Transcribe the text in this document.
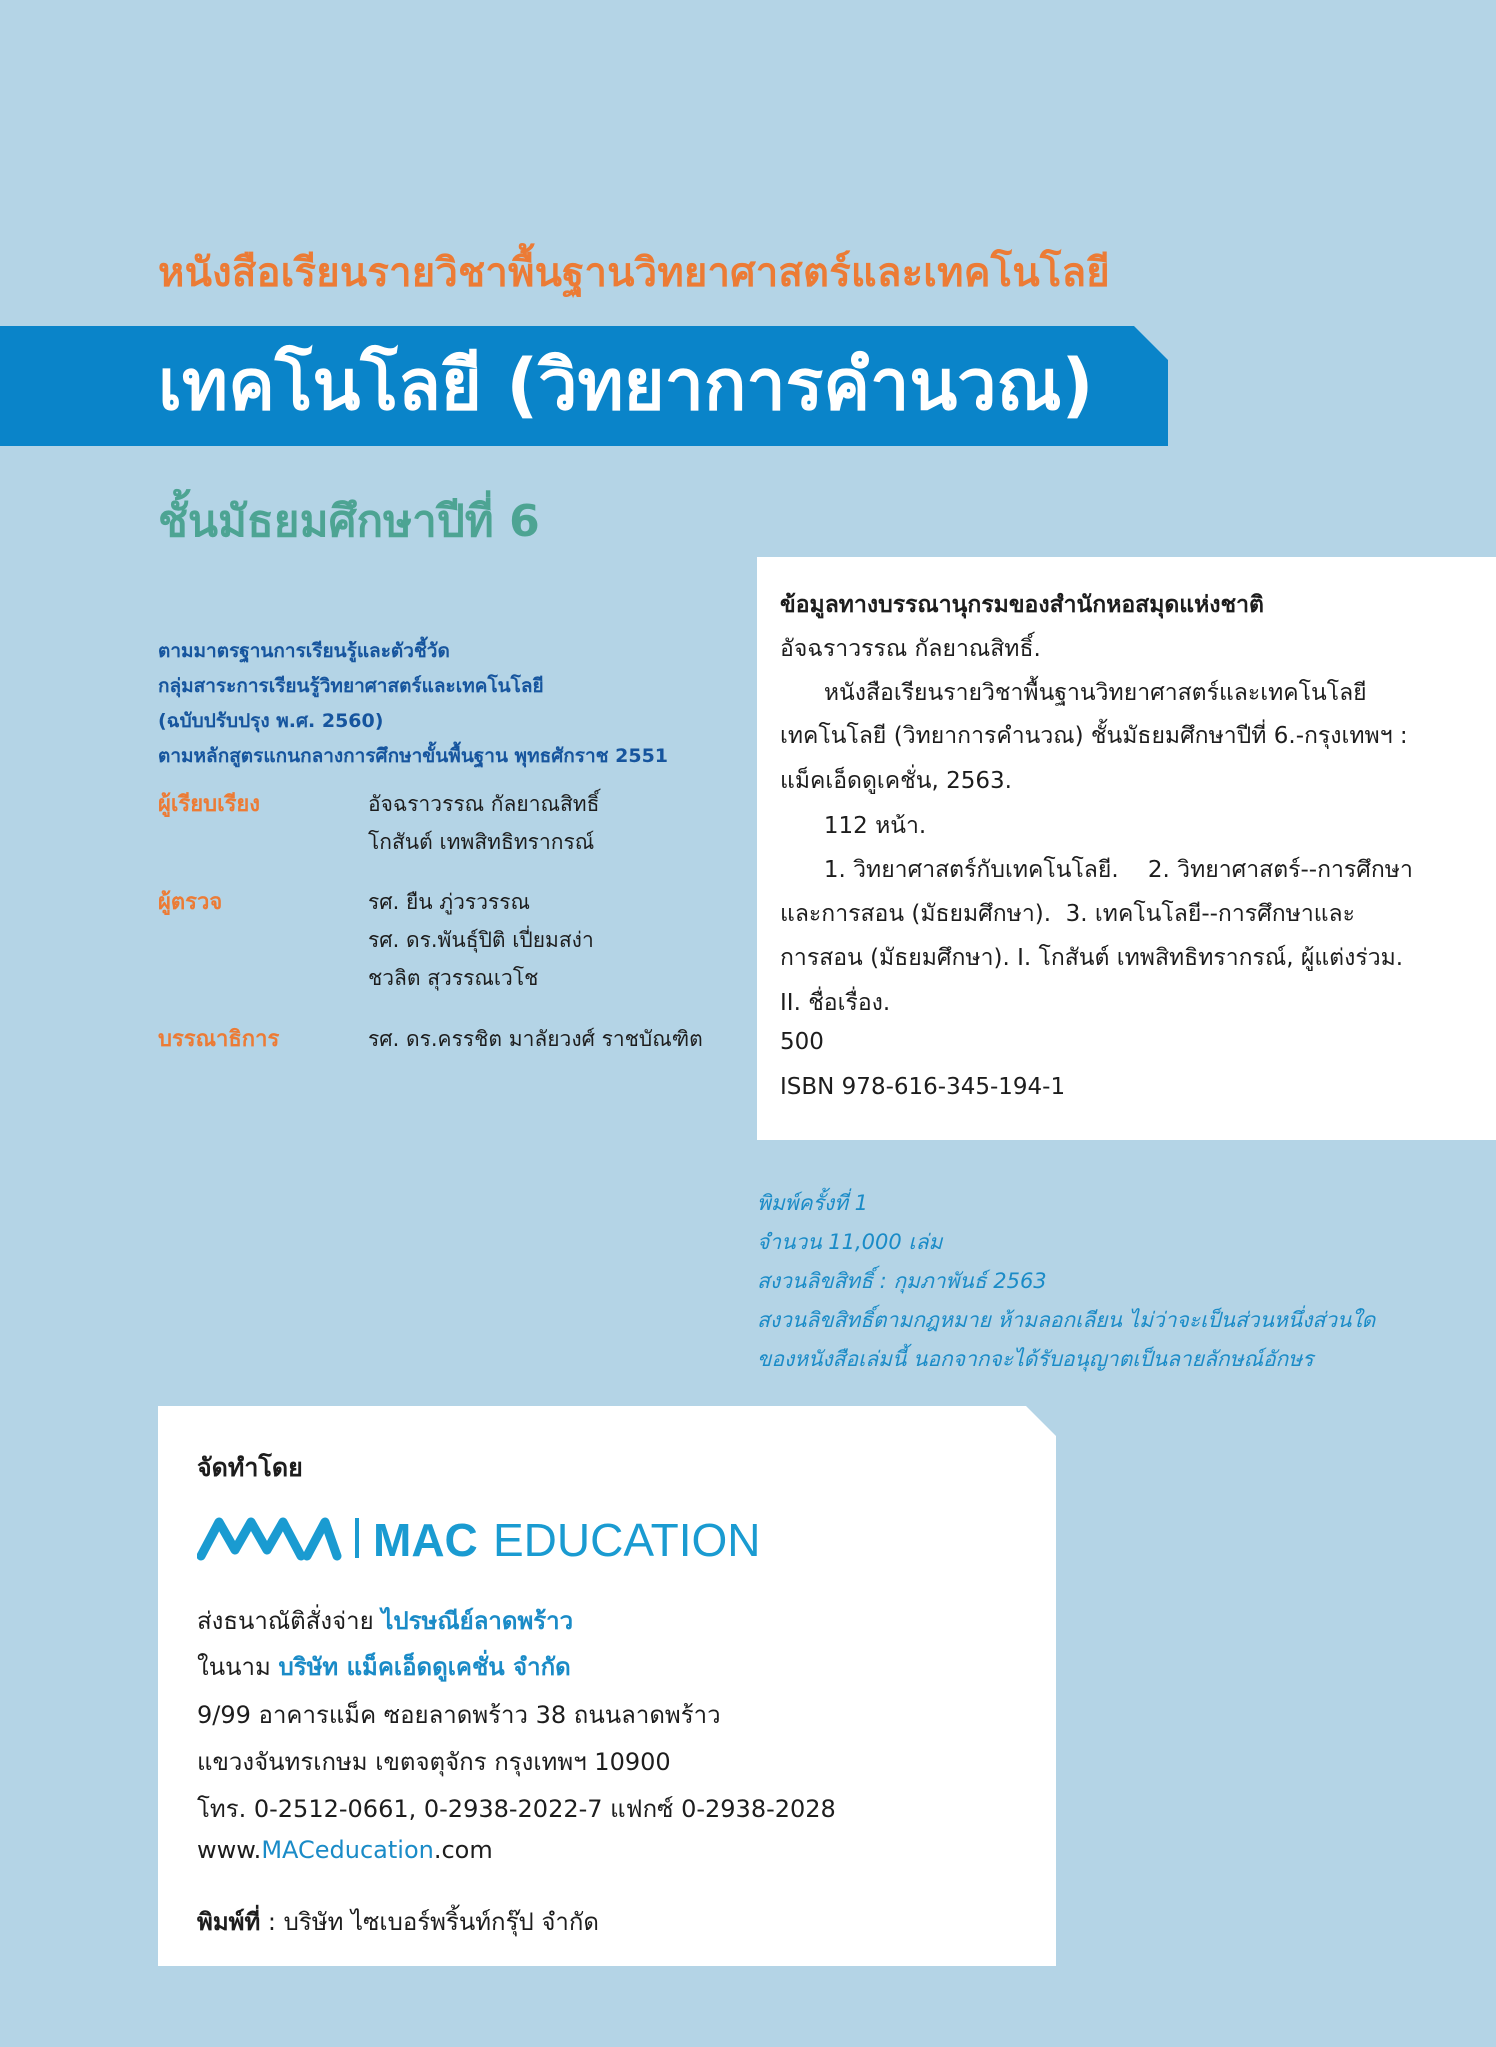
หนังสือเรียนรายวิชาพื้นฐานวิทยาศาสตร์และเทคโนโลยี
เทคโนโลยี (วิทยาการคำนวณ)
ชั้นมัธยมศึกษาปีที่ 6
ตามมาตรฐานการเรียนรู้และตัวชี้วัด
กลุ่มสาระการเรียนรู้วิทยาศาสตร์และเทคโนโลยี
(ฉบับปรับปรุง พ.ศ. 2560)
ตามหลักสูตรแกนกลางการศึกษาขั้นพื้นฐาน พุทธศักราช 2551
ผู้เรียบเรียง	อัจฉราวรรณ กัลยาณสิทธิ์
โกสันต์ เทพสิทธิทรากรณ์
ผู้ตรวจ	รศ. ยืน ภู่วรวรรณ
รศ. ดร.พันธุ์ปิติ เปี่ยมสง่า
ชวลิต สุวรรณเวโช
บรรณาธิการ	รศ. ดร.ครรชิต มาลัยวงศ์ ราชบัณฑิต
ข้อมูลทางบรรณานุกรมของสำนักหอสมุดแห่งชาติ
อัจฉราวรรณ กัลยาณสิทธิ์.
หนังสือเรียนรายวิชาพื้นฐานวิทยาศาสตร์และเทคโนโลยี
เทคโนโลยี (วิทยาการคำนวณ) ชั้นมัธยมศึกษาปีที่ 6.-กรุงเทพฯ :
แม็คเอ็ดดูเคชั่น, 2563.
112 หน้า.
1. วิทยาศาสตร์กับเทคโนโลยี.    2. วิทยาศาสตร์--การศึกษา
และการสอน (มัธยมศึกษา).  3. เทคโนโลยี--การศึกษาและ
การสอน (มัธยมศึกษา). I. โกสันต์ เทพสิทธิทรากรณ์, ผู้แต่งร่วม.
II. ชื่อเรื่อง.
500
ISBN 978-616-345-194-1
พิมพ์ครั้งที่ 1
จำนวน 11,000 เล่ม
สงวนลิขสิทธิ์ : กุมภาพันธ์ 2563
สงวนลิขสิทธิ์ตามกฎหมาย ห้ามลอกเลียน ไม่ว่าจะเป็นส่วนหนึ่งส่วนใด
ของหนังสือเล่มนี้ นอกจากจะได้รับอนุญาตเป็นลายลักษณ์อักษร
จัดทำโดย
MAC EDUCATION
ส่งธนาณัติสั่งจ่าย ไปรษณีย์ลาดพร้าว
ในนาม บริษัท แม็คเอ็ดดูเคชั่น จำกัด
9/99 อาคารแม็ค ซอยลาดพร้าว 38 ถนนลาดพร้าว
แขวงจันทรเกษม เขตจตุจักร กรุงเทพฯ 10900
โทร. 0-2512-0661, 0-2938-2022-7 แฟกซ์ 0-2938-2028
www.MACeducation.com
พิมพ์ที่ : บริษัท ไซเบอร์พริ้นท์กรุ๊ป จำกัด
